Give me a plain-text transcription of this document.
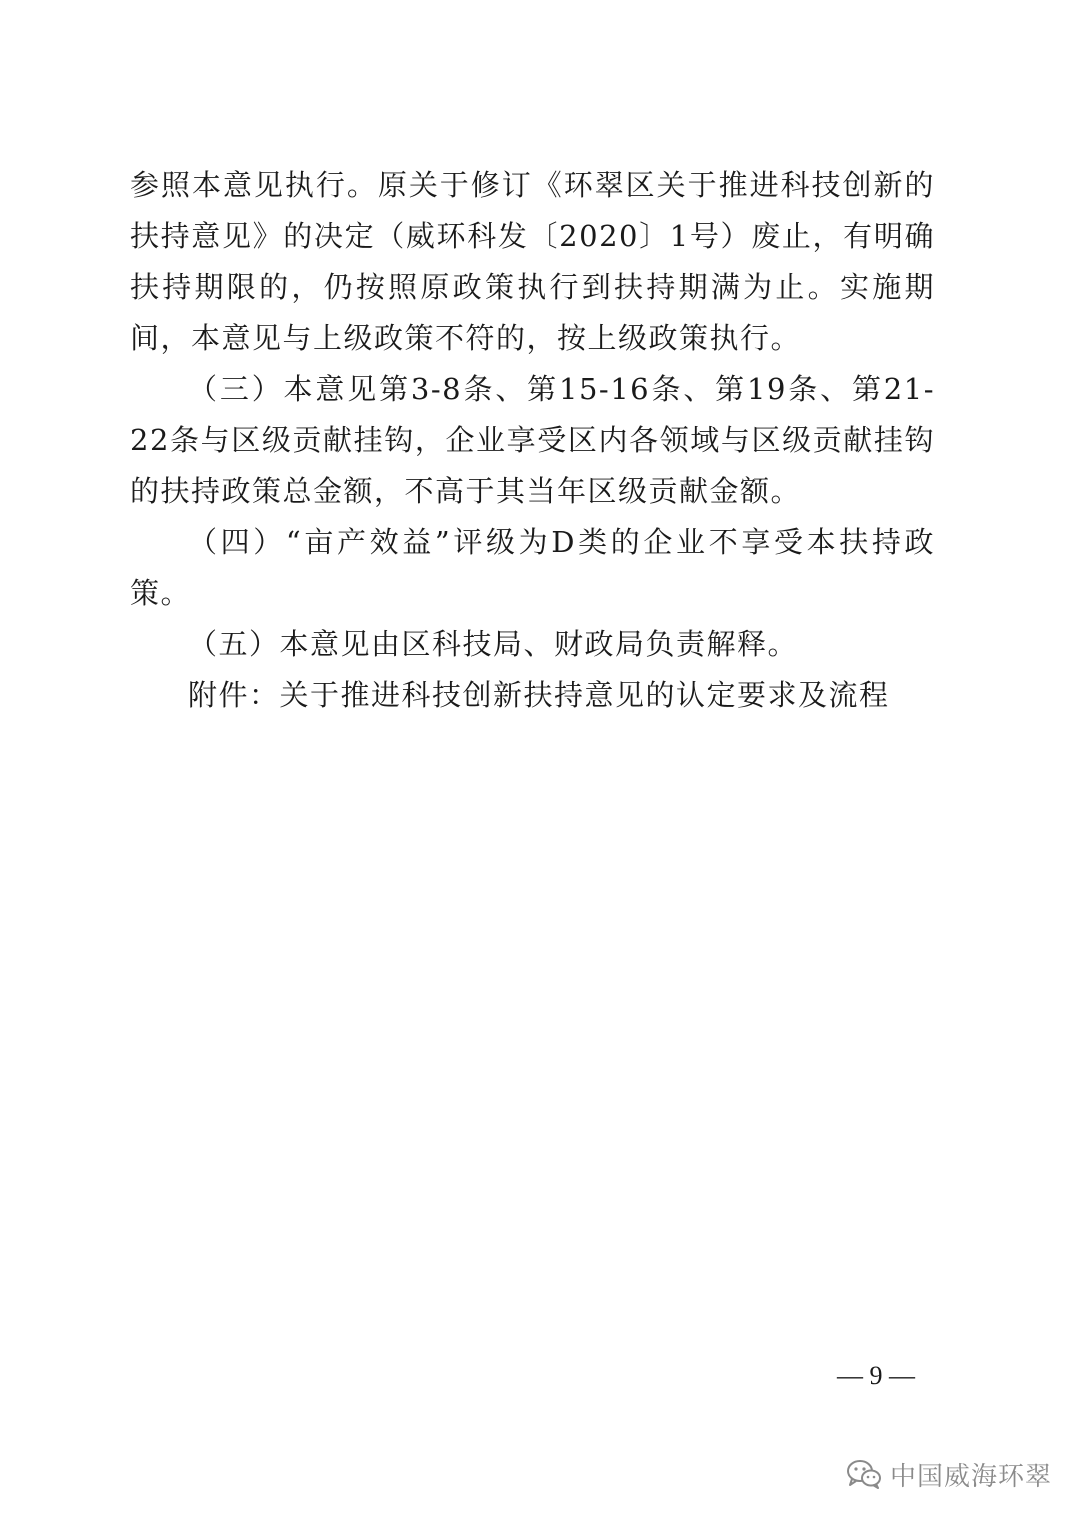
参照本意见执行。原关于修订《环翠区关于推进科技创新的扶持意见》的决定（威环科发〔2020〕1号）废止，有明确扶持期限的，仍按照原政策执行到扶持期满为止。实施期间，本意见与上级政策不符的，按上级政策执行。

（三）本意见第3-8条、第15-16条、第19条、第21-22条与区级贡献挂钩，企业享受区内各领域与区级贡献挂钩的扶持政策总金额，不高于其当年区级贡献金额。

（四）“亩产效益”评级为D类的企业不享受本扶持政策。

（五）本意见由区科技局、财政局负责解释。

附件：关于推进科技创新扶持意见的认定要求及流程

— 9 —
中国威海环翠
